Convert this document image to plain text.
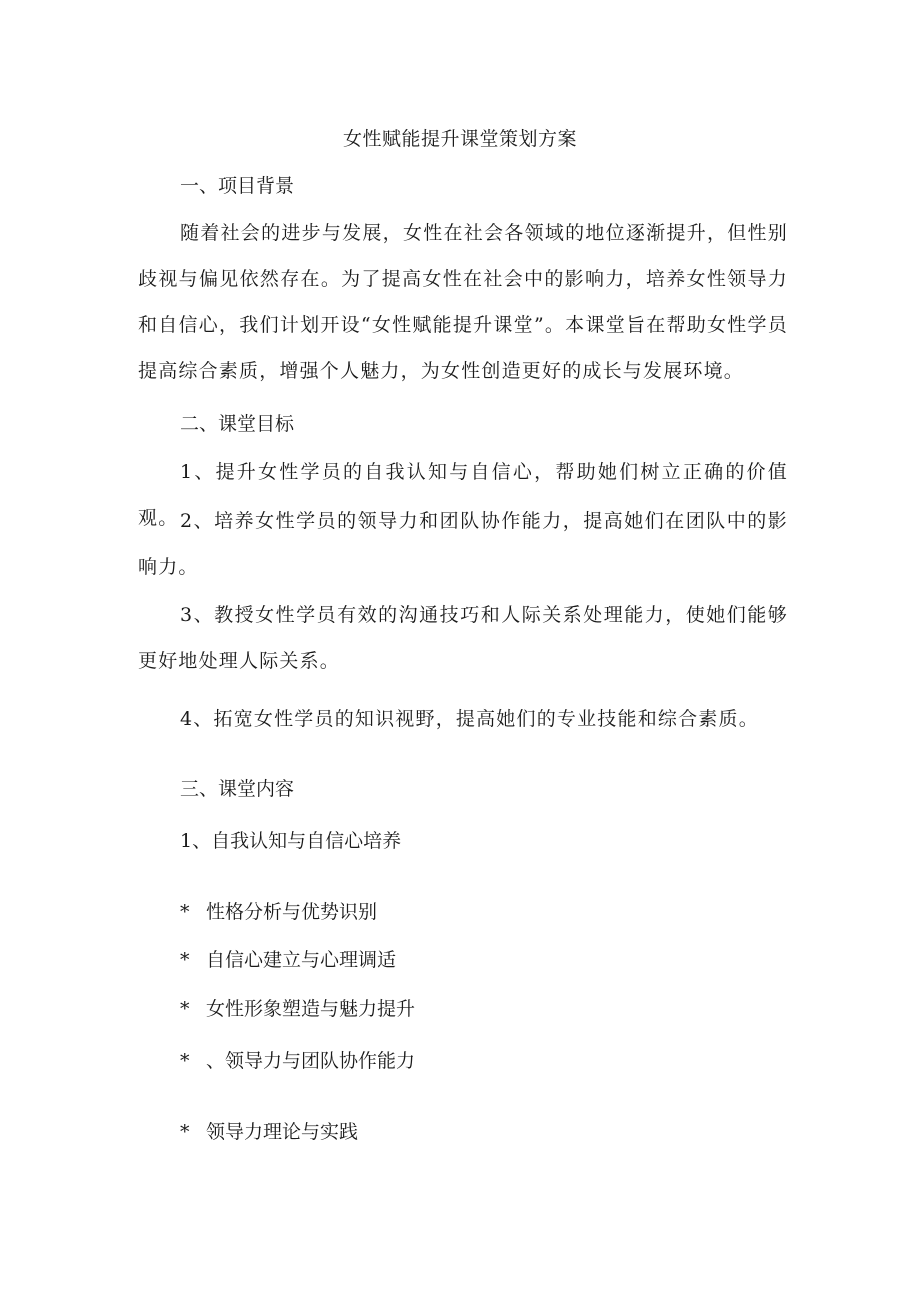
女性赋能提升课堂策划方案

一、项目背景

随着社会的进步与发展，女性在社会各领域的地位逐渐提升，但性别歧视与偏见依然存在。为了提高女性在社会中的影响力，培养女性领导力和自信心，我们计划开设“女性赋能提升课堂”。本课堂旨在帮助女性学员提高综合素质，增强个人魅力，为女性创造更好的成长与发展环境。

二、课堂目标

1、提升女性学员的自我认知与自信心，帮助她们树立正确的价值观。 2、培养女性学员的领导力和团队协作能力，提高她们在团队中的影响力。

3、教授女性学员有效的沟通技巧和人际关系处理能力，使她们能够更好地处理人际关系。

4、拓宽女性学员的知识视野，提高她们的专业技能和综合素质。

三、课堂内容

1、自我认知与自信心培养

* 性格分析与优势识别

* 自信心建立与心理调适

* 女性形象塑造与魅力提升

* 、领导力与团队协作能力

* 领导力理论与实践
